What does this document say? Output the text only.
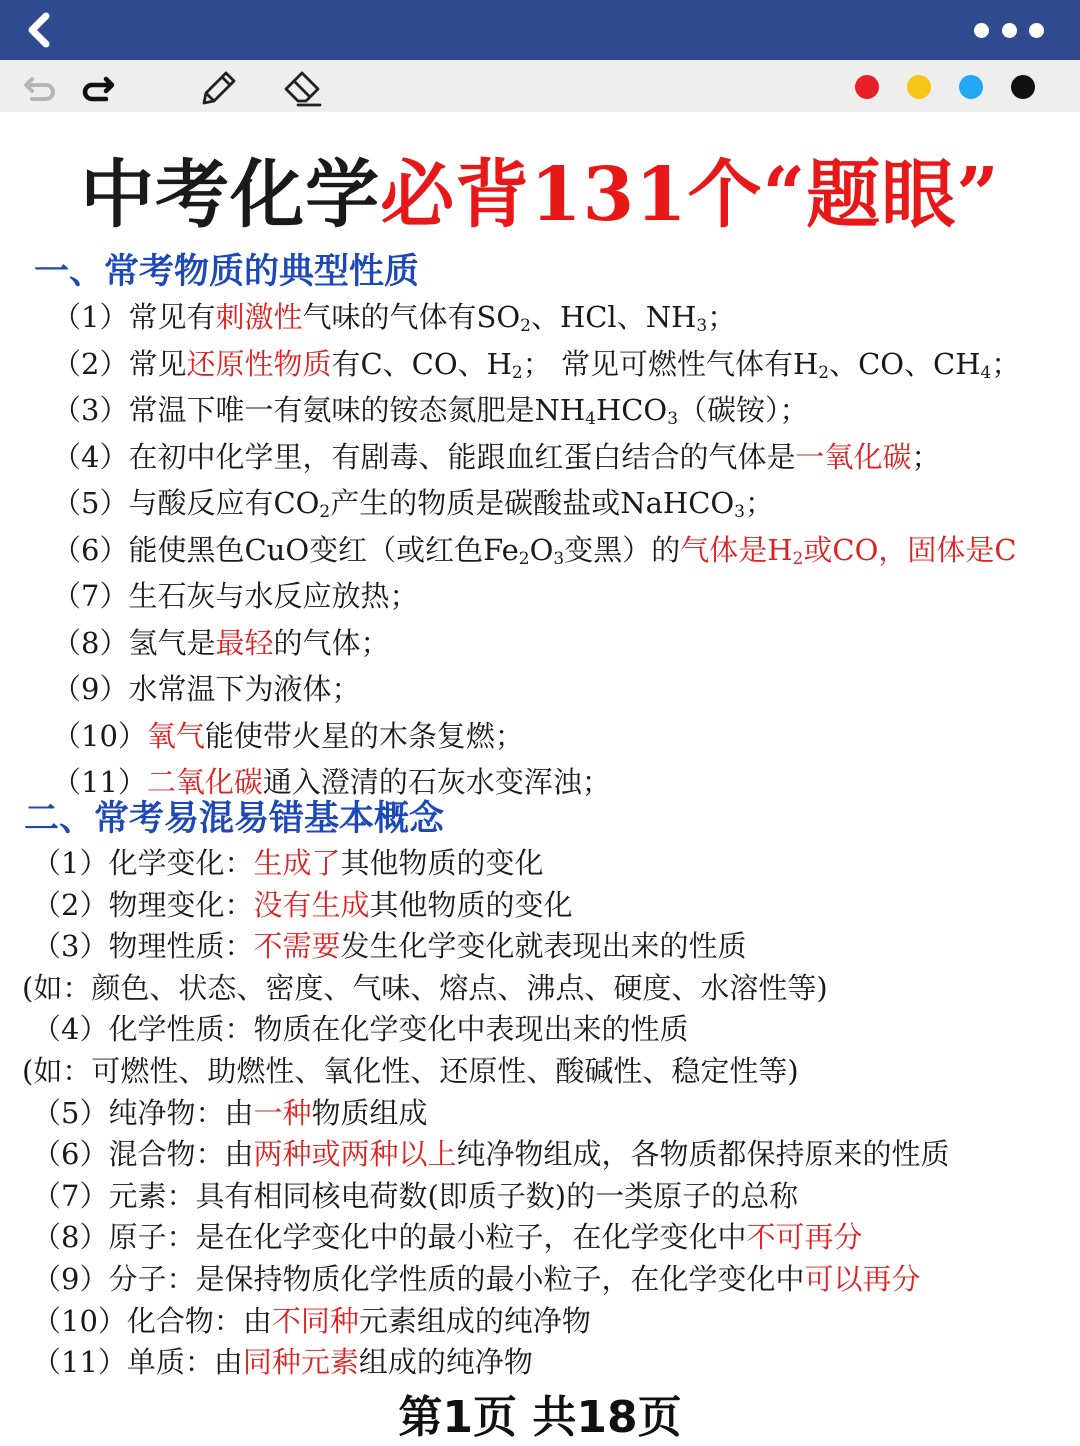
中考化学必背131个“题眼”
一、常考物质的典型性质
（1）常见有刺激性气味的气体有$SO_2$、HCl、$NH_3$；
（2）常见还原性物质有C、CO、$H_2$； 常见可燃性气体有$H_2$、CO、$CH_4$；
（3）常温下唯一有氨味的铵态氮肥是$NH_4HCO_3$（碳铵）；
（4）在初中化学里，有剧毒、能跟血红蛋白结合的气体是一氧化碳；
（5）与酸反应有$CO_2$产生的物质是碳酸盐或NaHCO$_3$；
（6）能使黑色CuO变红（或红色$Fe_2O_3$变黑）的气体是$H_2$或CO，固体是C
（7）生石灰与水反应放热；
（8）氢气是最轻的气体；
（9）水常温下为液体；
（10）氧气能使带火星的木条复燃；
（11）二氧化碳通入澄清的石灰水变浑浊；
二、常考易混易错基本概念
（1）化学变化：生成了其他物质的变化
（2）物理变化：没有生成其他物质的变化
（3）物理性质：不需要发生化学变化就表现出来的性质
(如：颜色、状态、密度、气味、熔点、沸点、硬度、水溶性等)
（4）化学性质：物质在化学变化中表现出来的性质
(如：可燃性、助燃性、氧化性、还原性、酸碱性、稳定性等)
（5）纯净物：由一种物质组成
（6）混合物：由两种或两种以上纯净物组成，各物质都保持原来的性质
（7）元素：具有相同核电荷数(即质子数)的一类原子的总称
（8）原子：是在化学变化中的最小粒子，在化学变化中不可再分
（9）分子：是保持物质化学性质的最小粒子，在化学变化中可以再分
（10）化合物：由不同种元素组成的纯净物
（11）单质：由同种元素组成的纯净物
第1页 共18页
